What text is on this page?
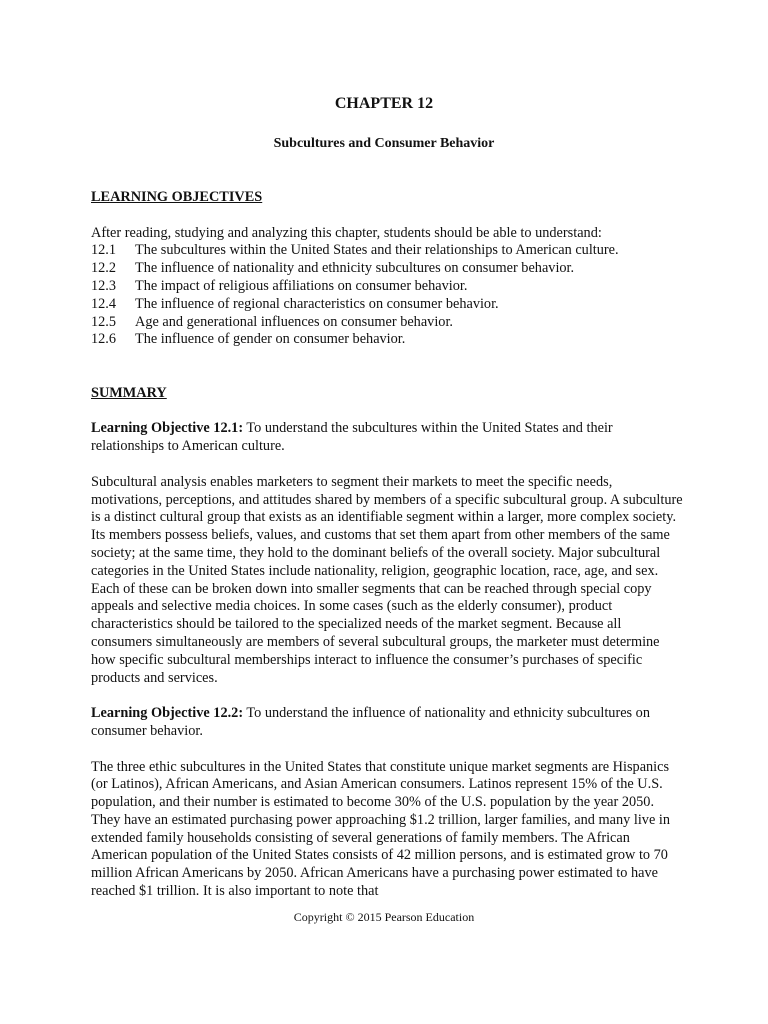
CHAPTER 12
Subcultures and Consumer Behavior
LEARNING OBJECTIVES

After reading, studying and analyzing this chapter, students should be able to understand:

12.1	The subcultures within the United States and their relationships to American culture.
12.2	The influence of nationality and ethnicity subcultures on consumer behavior.
12.3	The impact of religious affiliations on consumer behavior.
12.4	The influence of regional characteristics on consumer behavior.
12.5	Age and generational influences on consumer behavior.
12.6	The influence of gender on consumer behavior.
SUMMARY

Learning Objective 12.1: To understand the subcultures within the United States and their relationships to American culture.

Subcultural analysis enables marketers to segment their markets to meet the specific needs, motivations, perceptions, and attitudes shared by members of a specific subcultural group. A subculture is a distinct cultural group that exists as an identifiable segment within a larger, more complex society. Its members possess beliefs, values, and customs that set them apart from other members of the same society; at the same time, they hold to the dominant beliefs of the overall society. Major subcultural categories in the United States include nationality, religion, geographic location, race, age, and sex. Each of these can be broken down into smaller segments that can be reached through special copy appeals and selective media choices. In some cases (such as the elderly consumer), product characteristics should be tailored to the specialized needs of the market segment. Because all consumers simultaneously are members of several subcultural groups, the marketer must determine how specific subcultural memberships interact to influence the consumer’s purchases of specific products and services.

Learning Objective 12.2: To understand the influence of nationality and ethnicity subcultures on consumer behavior.

The three ethic subcultures in the United States that constitute unique market segments are Hispanics (or Latinos), African Americans, and Asian American consumers. Latinos represent 15% of the U.S. population, and their number is estimated to become 30% of the U.S. population by the year 2050. They have an estimated purchasing power approaching $1.2 trillion, larger families, and many live in extended family households consisting of several generations of family members. The African American population of the United States consists of 42 million persons, and is estimated grow to 70 million African Americans by 2050. African Americans have a purchasing power estimated to have reached $1 trillion. It is also important to note that

Copyright © 2015 Pearson Education
